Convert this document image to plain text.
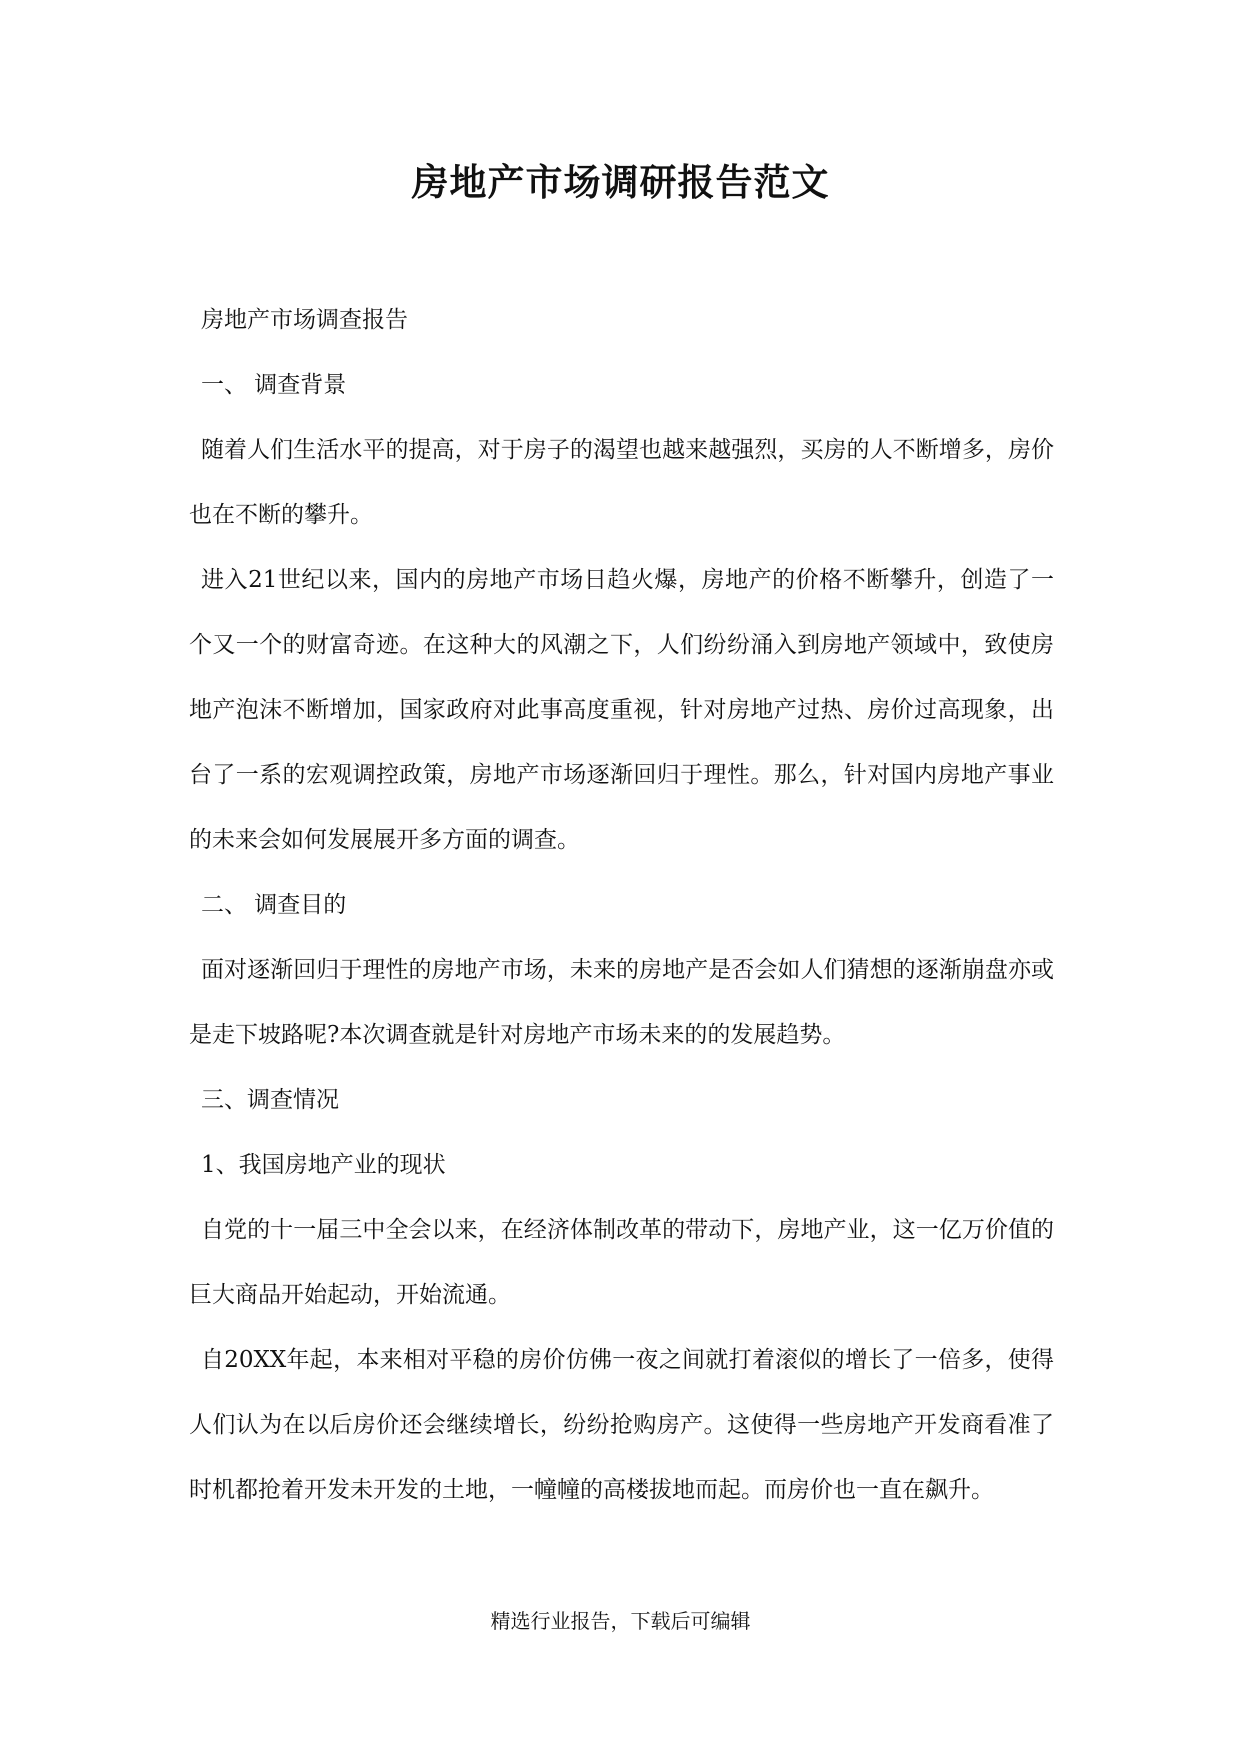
房地产市场调研报告范文

房地产市场调查报告

一、 调查背景

随着人们生活水平的提高，对于房子的渴望也越来越强烈，买房的人不断增多，房价也在不断的攀升。

进入21世纪以来，国内的房地产市场日趋火爆，房地产的价格不断攀升，创造了一个又一个的财富奇迹。在这种大的风潮之下，人们纷纷涌入到房地产领域中，致使房地产泡沫不断增加，国家政府对此事高度重视，针对房地产过热、房价过高现象，出台了一系的宏观调控政策，房地产市场逐渐回归于理性。那么，针对国内房地产事业的未来会如何发展展开多方面的调查。

二、 调查目的

面对逐渐回归于理性的房地产市场，未来的房地产是否会如人们猜想的逐渐崩盘亦或是走下坡路呢?本次调查就是针对房地产市场未来的的发展趋势。

三、调查情况

1、我国房地产业的现状

自党的十一届三中全会以来，在经济体制改革的带动下，房地产业，这一亿万价值的巨大商品开始起动，开始流通。

自20XX年起，本来相对平稳的房价仿佛一夜之间就打着滚似的增长了一倍多，使得人们认为在以后房价还会继续增长，纷纷抢购房产。这使得一些房地产开发商看准了时机都抢着开发未开发的土地，一幢幢的高楼拔地而起。而房价也一直在飙升。

精选行业报告，下载后可编辑
